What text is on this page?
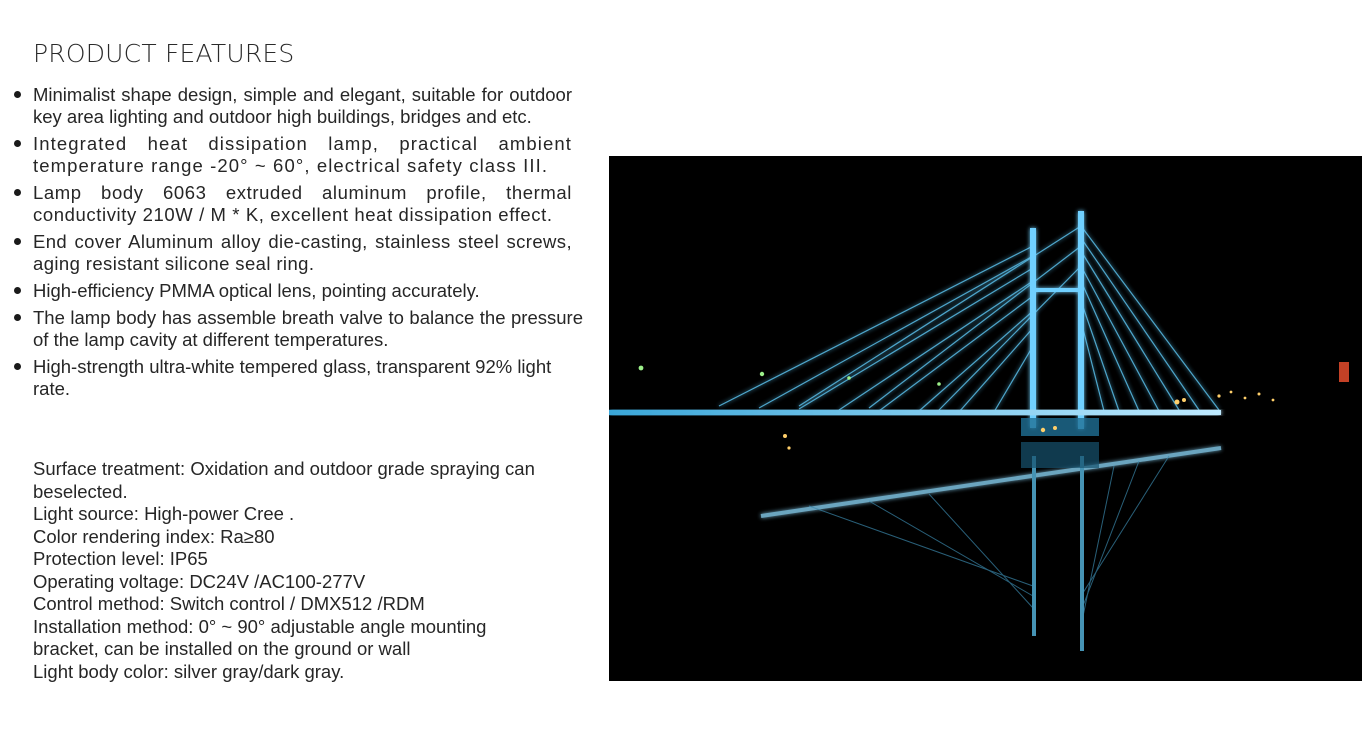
PRODUCT FEATURES
Minimalist shape design, simple and elegant, suitable for outdoor key area lighting and outdoor high buildings, bridges and etc.
Integrated heat dissipation lamp, practical ambient temperature range -20° ~ 60°, electrical safety class III.
Lamp body 6063 extruded aluminum profile, thermal conductivity 210W / M * K, excellent heat dissipation effect.
End cover Aluminum alloy die-casting, stainless steel screws, aging resistant silicone seal ring.
High-efficiency PMMA optical lens, pointing accurately.
The lamp body has assemble breath valve to balance the pressure of the lamp cavity at different temperatures.
High-strength ultra-white tempered glass, transparent 92% light rate.
Surface treatment: Oxidation and outdoor grade spraying can beselected.
Light source: High-power Cree .
Color rendering index: Ra≥80
Protection level: IP65
Operating voltage: DC24V /AC100-277V
Control method: Switch control / DMX512 /RDM
Installation method: 0° ~ 90° adjustable angle mounting bracket, can be installed on the ground or wall
Light body color: silver gray/dark gray.
